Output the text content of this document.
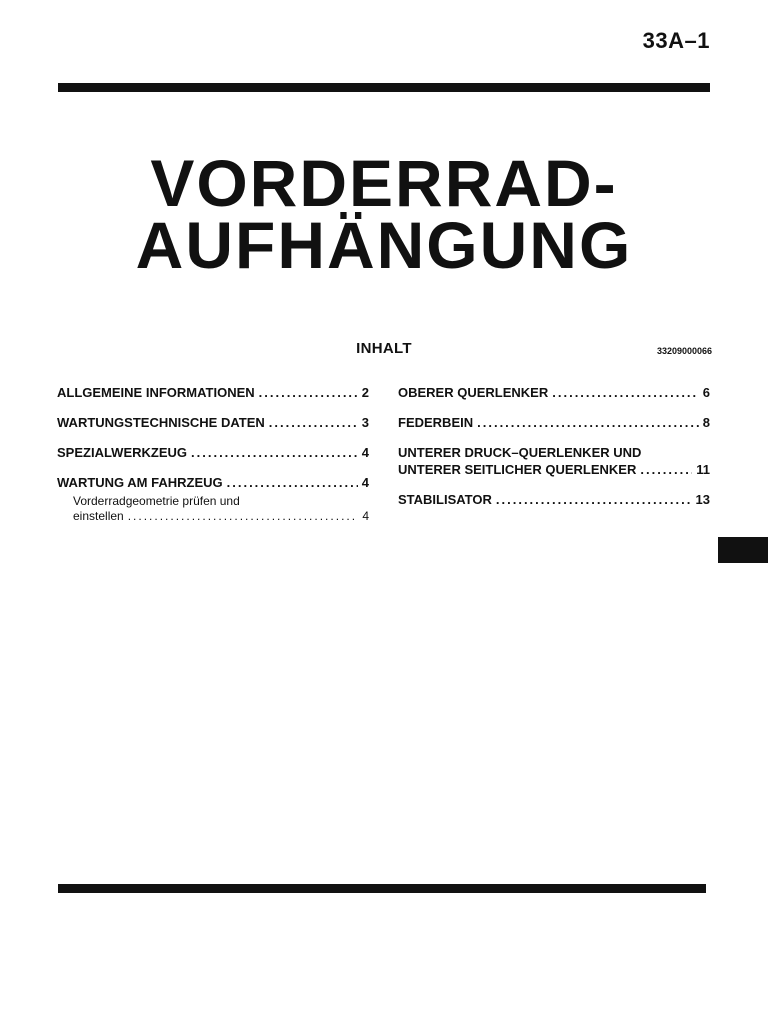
33A–1
VORDERRAD-
AUFHÄNGUNG
INHALT	33209000066
ALLGEMEINE INFORMATIONEN .....	2
WARTUNGSTECHNISCHE DATEN .....	3
SPEZIALWERKZEUG .....	4
WARTUNG AM FAHRZEUG .....	4
Vorderradgeometrie prüfen und
einstellen .....	4
OBERER QUERLENKER .....	6
FEDERBEIN .....	8
UNTERER DRUCK–QUERLENKER UND
UNTERER SEITLICHER QUERLENKER .....	11
STABILISATOR .....	13
